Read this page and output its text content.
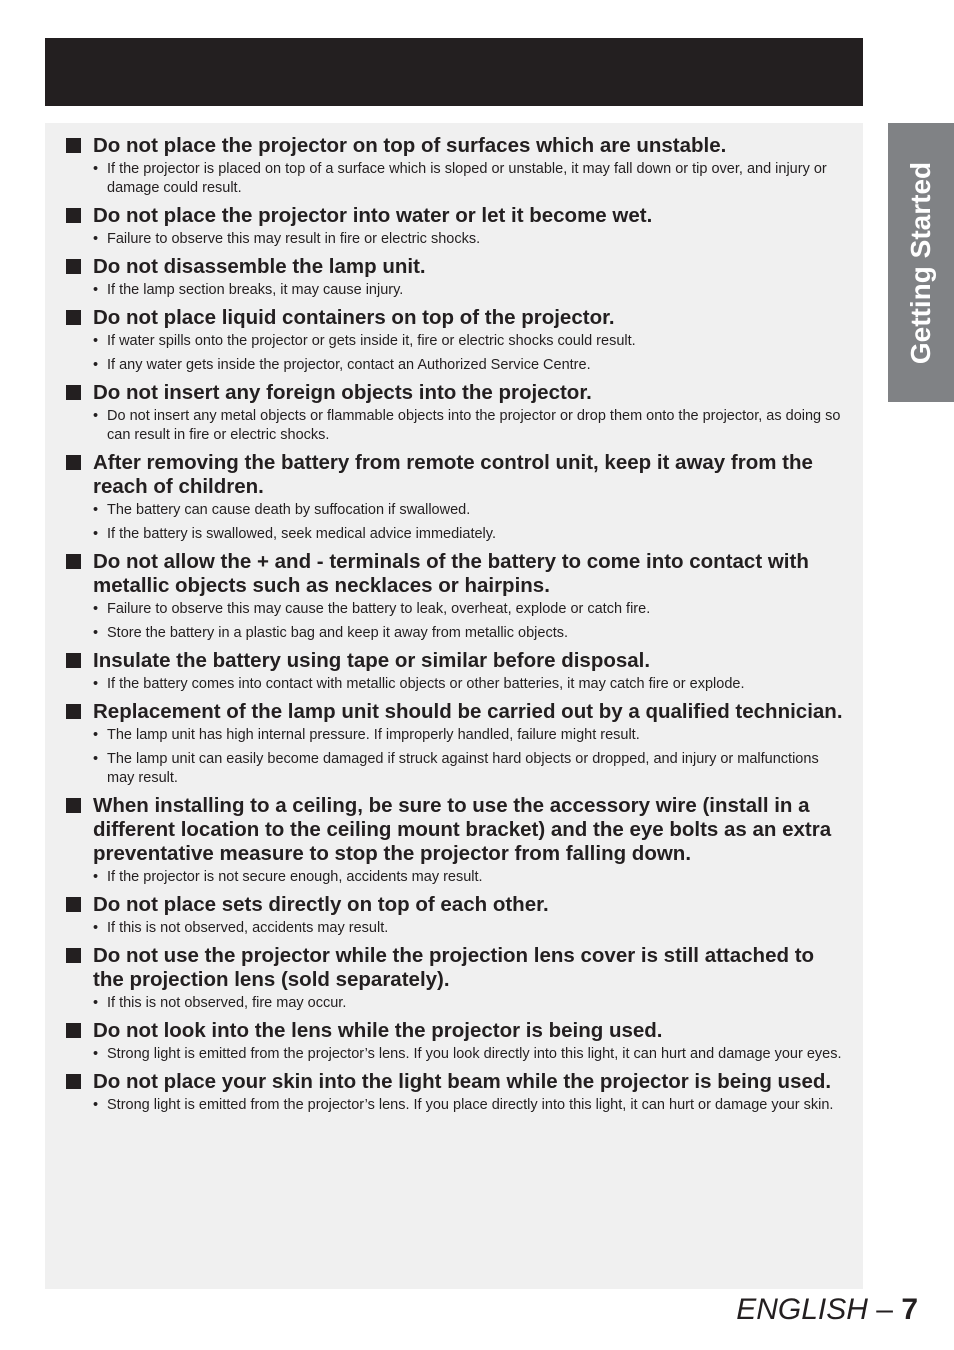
Getting Started
Do not place the projector on top of surfaces which are unstable.
• If the projector is placed on top of a surface which is sloped or unstable, it may fall down or tip over, and injury or damage could result.
Do not place the projector into water or let it become wet.
• Failure to observe this may result in fire or electric shocks.
Do not disassemble the lamp unit.
• If the lamp section breaks, it may cause injury.
Do not place liquid containers on top of the projector.
• If water spills onto the projector or gets inside it, fire or electric shocks could result.
• If any water gets inside the projector, contact an Authorized Service Centre.
Do not insert any foreign objects into the projector.
• Do not insert any metal objects or flammable objects into the projector or drop them onto the projector, as doing so can result in fire or electric shocks.
After removing the battery from remote control unit, keep it away from the reach of children.
• The battery can cause death by suffocation if swallowed.
• If the battery is swallowed, seek medical advice immediately.
Do not allow the + and - terminals of the battery to come into contact with metallic objects such as necklaces or hairpins.
• Failure to observe this may cause the battery to leak, overheat, explode or catch fire.
• Store the battery in a plastic bag and keep it away from metallic objects.
Insulate the battery using tape or similar before disposal.
• If the battery comes into contact with metallic objects or other batteries, it may catch fire or explode.
Replacement of the lamp unit should be carried out by a qualified technician.
• The lamp unit has high internal pressure. If improperly handled, failure might result.
• The lamp unit can easily become damaged if struck against hard objects or dropped, and injury or malfunctions may result.
When installing to a ceiling, be sure to use the accessory wire (install in a different location to the ceiling mount bracket) and the eye bolts as an extra preventative measure to stop the projector from falling down.
• If the projector is not secure enough, accidents may result.
Do not place sets directly on top of each other.
• If this is not observed, accidents may result.
Do not use the projector while the projection lens cover is still attached to the projection lens (sold separately).
• If this is not observed, fire may occur.
Do not look into the lens while the projector is being used.
• Strong light is emitted from the projector’s lens. If you look directly into this light, it can hurt and damage your eyes.
Do not place your skin into the light beam while the projector is being used.
• Strong light is emitted from the projector’s lens. If you place directly into this light, it can hurt or damage your skin.
ENGLISH – 7
